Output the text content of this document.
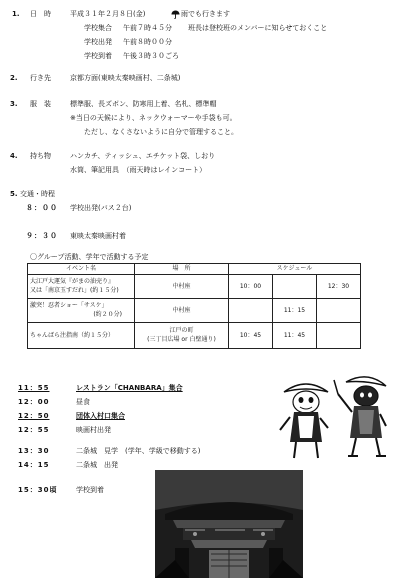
1. 日　時	平成３１年２月８日(金)	雨でも行きます
学校集合 午前７時４５分 班長は登校班のメンバーに知らせておくこと
学校出発 午前８時００分
学校到着 午後３時３０ごろ
2. 行き先	京都方面(東映太秦映画村、二条城)
3. 服　装	標準服、長ズボン、防寒用上着、名札、標準帽
※当日の天候により、ネックウォーマーや手袋も可。
ただし、なくさないように自分で管理すること。
4. 持ち物	ハンカチ、ティッシュ、エチケット袋、しおり
水筒、筆記用具　（雨天時はレインコート）
5. 交通・時程
８：００ 学校出発(バス２台)
９：３０ 東映太秦映画村着
〇グループ活動、学年で活動する予定
イベント名	場　所	スケジュール		

大江戸大運気『がまの油売り』
又は「南京玉すだれ」(約１５分)	中村座	10：00		12：30

激突！忍者ショー「サスケ」
(約２０分)	中村座		11：15	

ちゃんばら注指南（約１５分）	江戸の町
(三丁目広場 or 白壁通り)	10：45	11：45	
11：55	レストラン「CHANBARA」集合
12：00	昼食
12：50	団体入村口集合
12：55	映画村出発
13：30	二条城　見学　(学年、学級で移動する)
14：15	二条城　出発
15：30頃	学校到着
